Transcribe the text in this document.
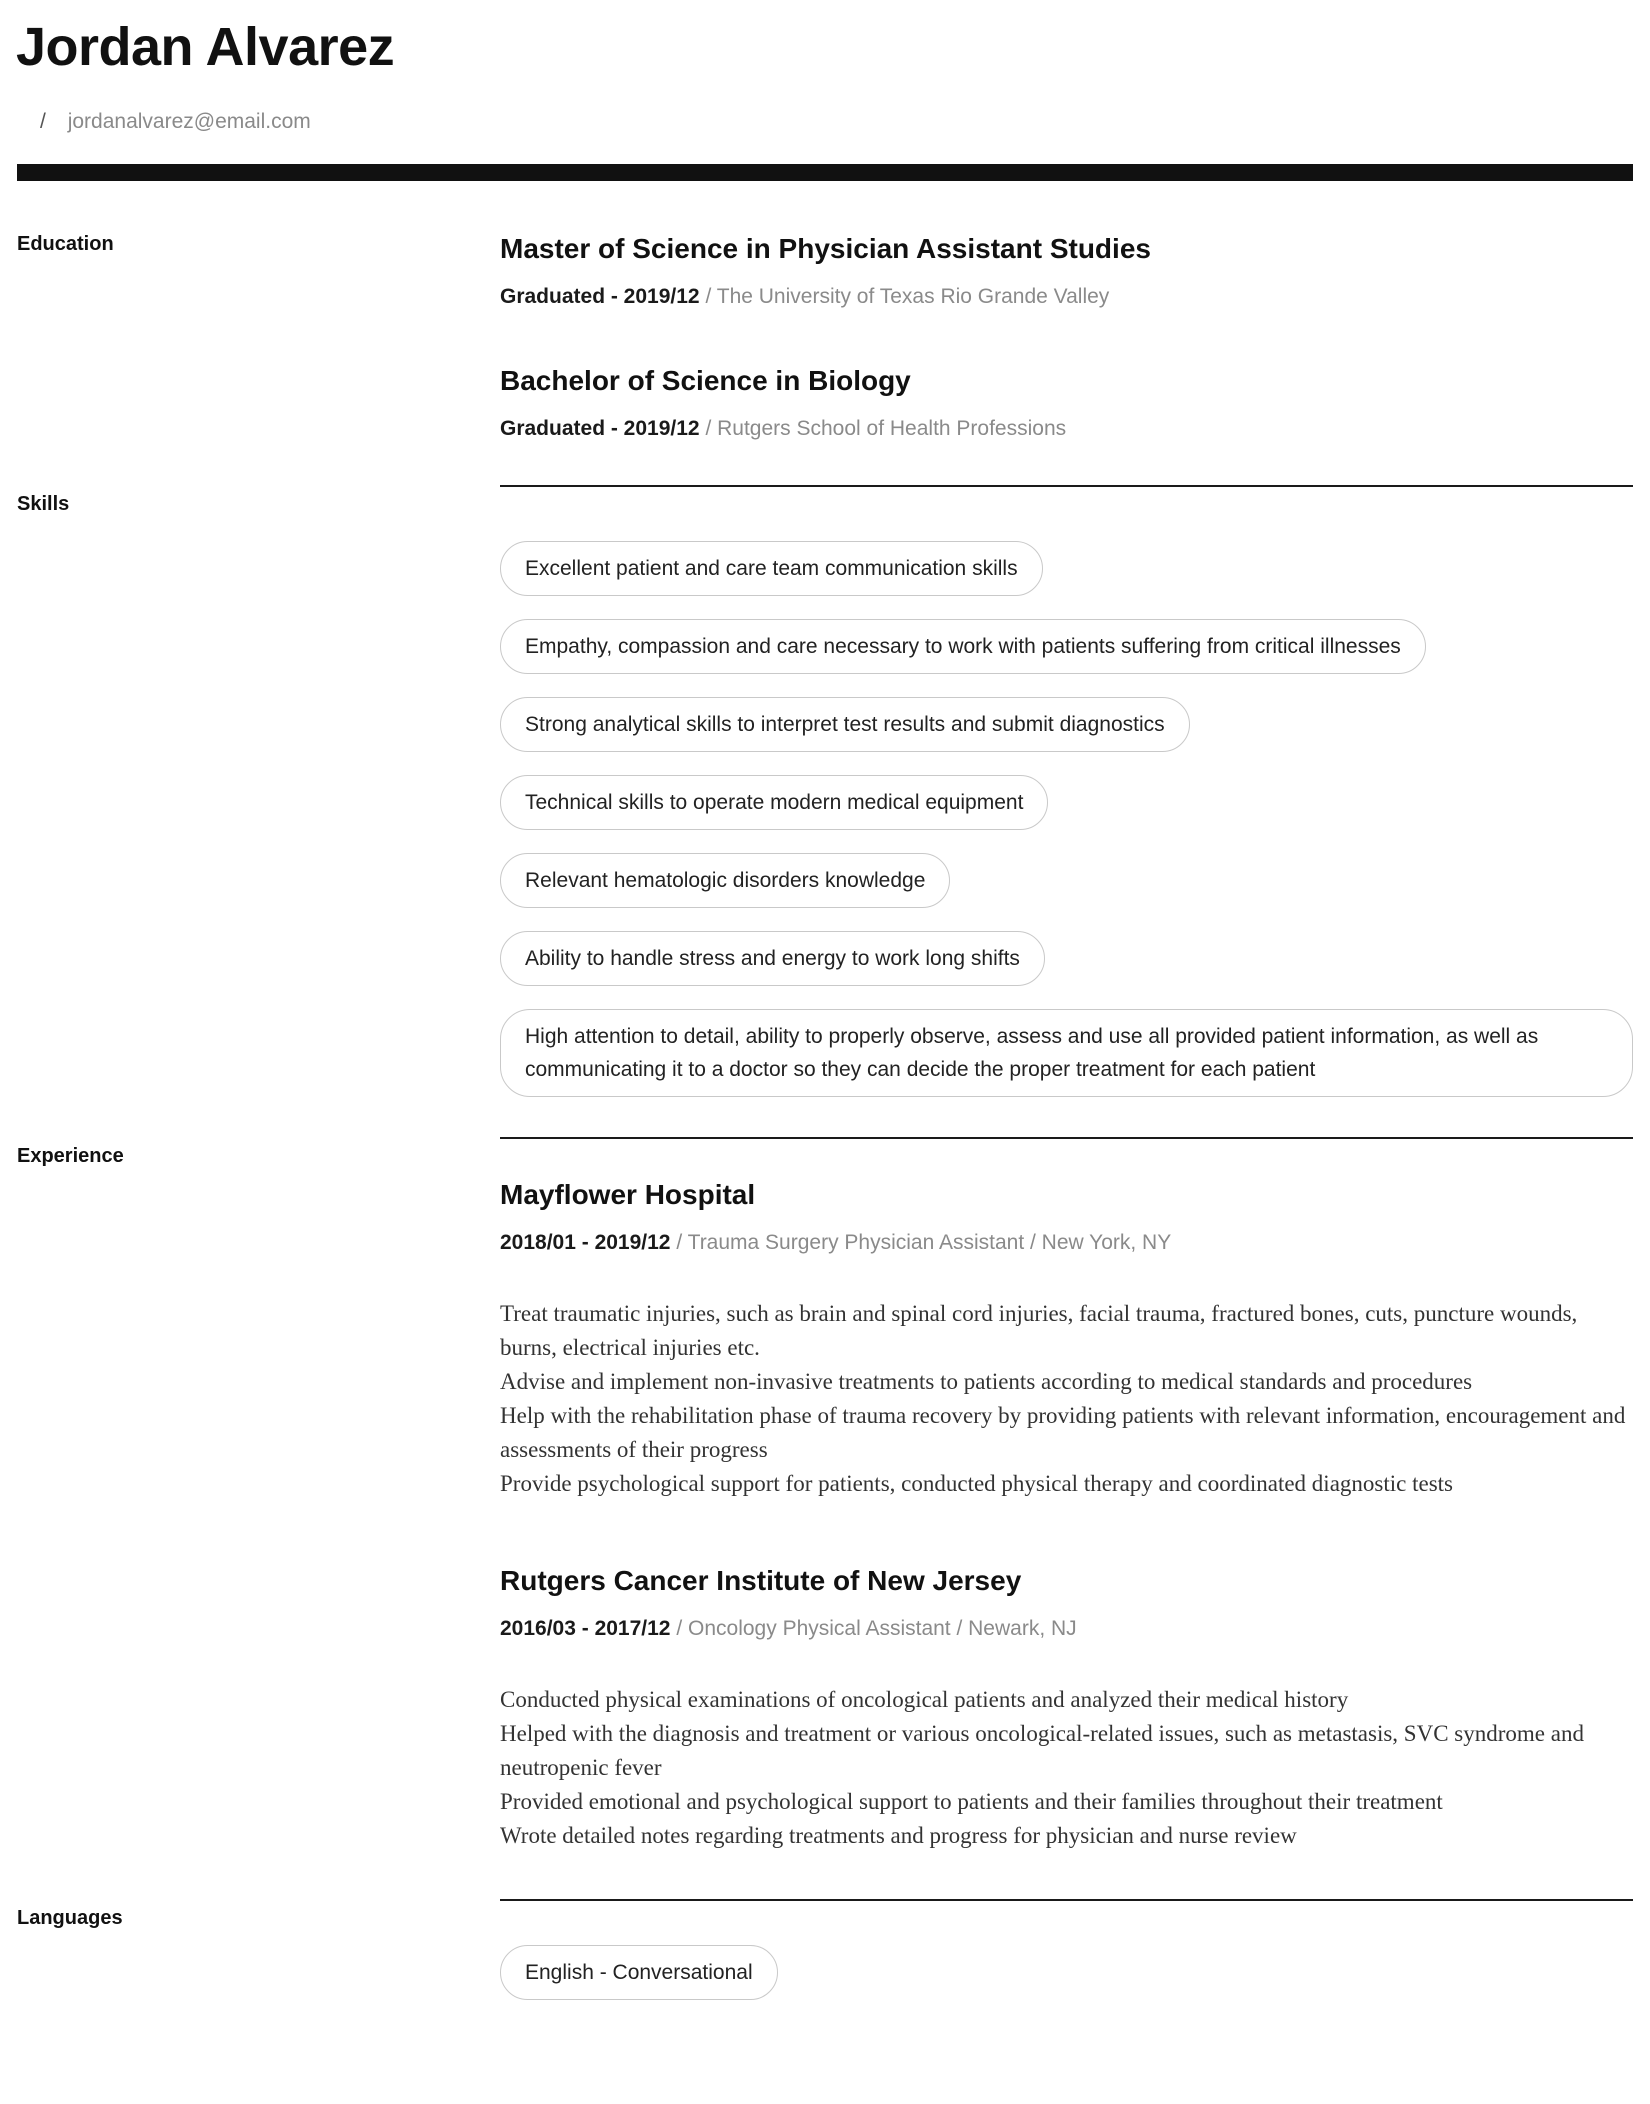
Jordan Alvarez
/ jordanalvarez@email.com
Education	Master of Science in Physician Assistant Studies

Graduated - 2019/12 / The University of Texas Rio Grande Valley

Bachelor of Science in Biology

Graduated - 2019/12 / Rutgers School of Health Professions

Skills
Excellent patient and care team communication skills
Empathy, compassion and care necessary to work with patients suffering from critical illnesses
Strong analytical skills to interpret test results and submit diagnostics
Technical skills to operate modern medical equipment
Relevant hematologic disorders knowledge
Ability to handle stress and energy to work long shifts
High attention to detail, ability to properly observe, assess and use all provided patient information, as well as communicating it to a doctor so they can decide the proper treatment for each patient
Experience
Mayflower Hospital

2018/01 - 2019/12 / Trauma Surgery Physician Assistant / New York, NY

Treat traumatic injuries, such as brain and spinal cord injuries, facial trauma, fractured bones, cuts, puncture wounds, burns, electrical injuries etc.

Advise and implement non-invasive treatments to patients according to medical standards and procedures

Help with the rehabilitation phase of trauma recovery by providing patients with relevant information, encouragement and assessments of their progress

Provide psychological support for patients, conducted physical therapy and coordinated diagnostic tests

Rutgers Cancer Institute of New Jersey

2016/03 - 2017/12 / Oncology Physical Assistant / Newark, NJ

Conducted physical examinations of oncological patients and analyzed their medical history

Helped with the diagnosis and treatment or various oncological-related issues, such as metastasis, SVC syndrome and neutropenic fever

Provided emotional and psychological support to patients and their families throughout their treatment

Wrote detailed notes regarding treatments and progress for physician and nurse review

Languages
English - Conversational
